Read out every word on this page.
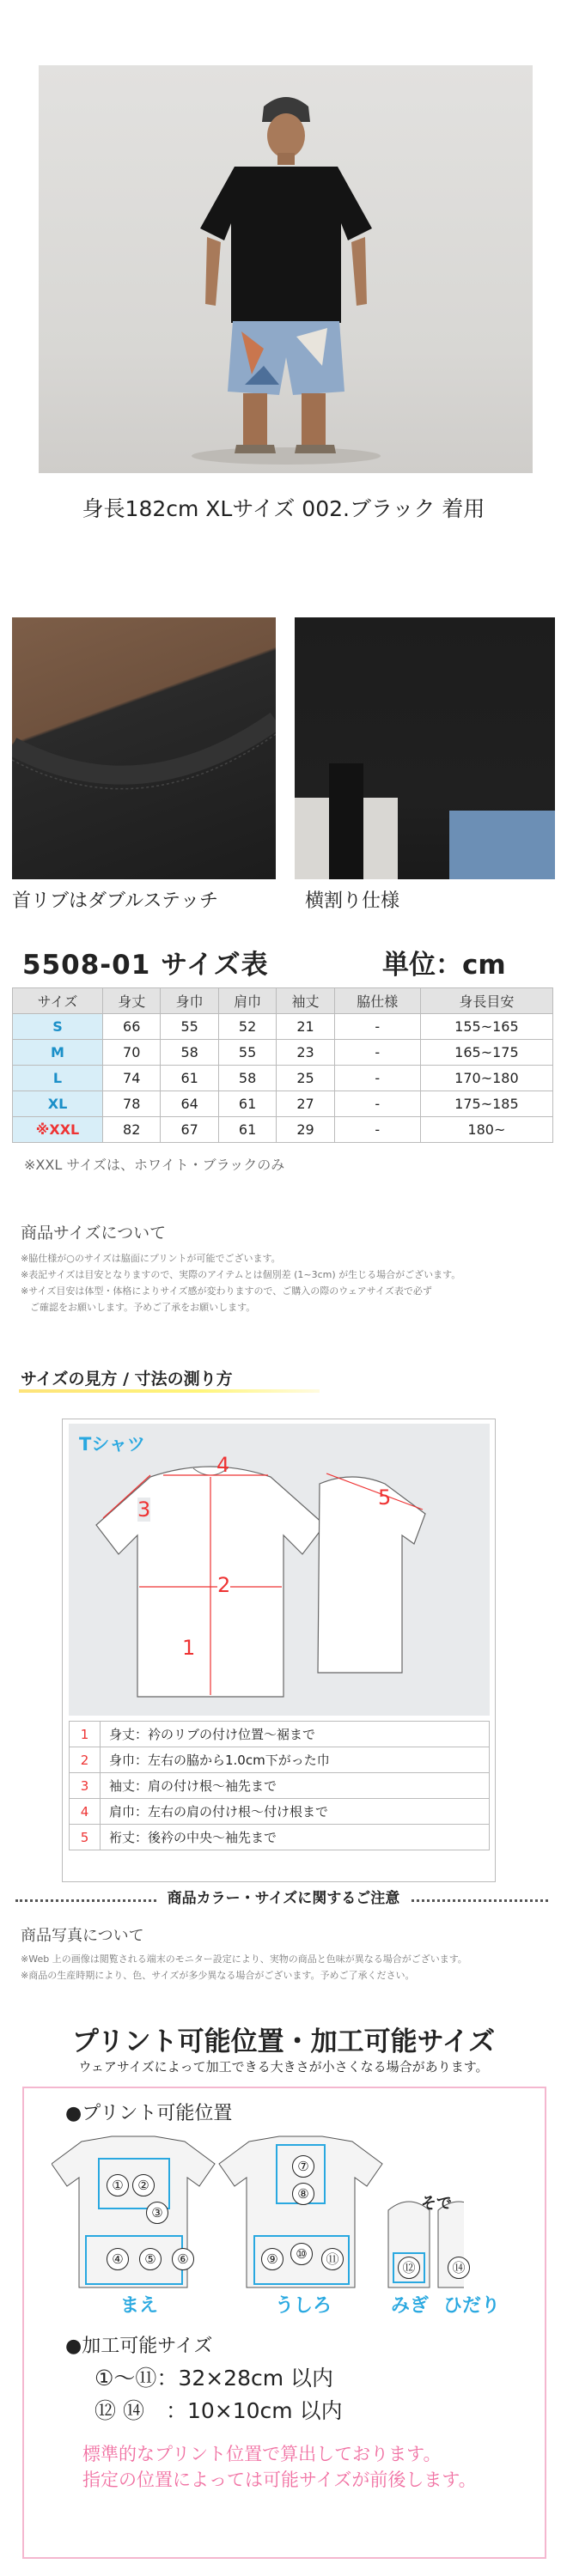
身長182cm XLサイズ 002.ブラック 着用
首リブはダブルステッチ	横割り仕様
5508-01 サイズ表	単位：cm
サイズ	身丈	身巾	肩巾	袖丈	脇仕様	身長目安
S	66	55	52	21	-	155~165
M	70	58	55	23	-	165~175
L	74	61	58	25	-	170~180
XL	78	64	61	27	-	175~185
※XXL	82	67	61	29	-	180~
※XXL サイズは、ホワイト・ブラックのみ
商品サイズについて
※脇仕様が○のサイズは脇面にプリントが可能でございます。
※表記サイズは目安となりますので、実際のアイテムとは個別差 (1~3cm) が生じる場合がございます。
※サイズ目安は体型・体格によりサイズ感が変わりますので、ご購入の際のウェアサイズ表で必ず
　ご確認をお願いします。予めご了承をお願いします。
サイズの見方 / 寸法の測り方
Tシャツ
3
4
5
2
1
1	身丈：衿のリブの付け位置～裾まで
2	身巾：左右の脇から1.0cm下がった巾
3	袖丈：肩の付け根～袖先まで
4	肩巾：左右の肩の付け根～付け根まで
5	裄丈：後衿の中央～袖先まで
商品カラー・サイズに関するご注意
商品写真について
※Web 上の画像は閲覧される端末のモニター設定により、実物の商品と色味が異なる場合がございます。
※商品の生産時期により、色、サイズが多少異なる場合がございます。予めご了承ください。
プリント可能位置・加工可能サイズ
ウェアサイズによって加工できる大きさが小さくなる場合があります。
●プリント可能位置
①	②
③
④	⑤	⑥
⑦
⑧
⑨	⑩	⑪
⑫	⑭
そで
まえ	うしろ	みぎ ひだり
●加工可能サイズ
①～⑪：32×28cm 以内
⑫ ⑭　：10×10cm 以内
標準的なプリント位置で算出しております。
指定の位置によっては可能サイズが前後します。
